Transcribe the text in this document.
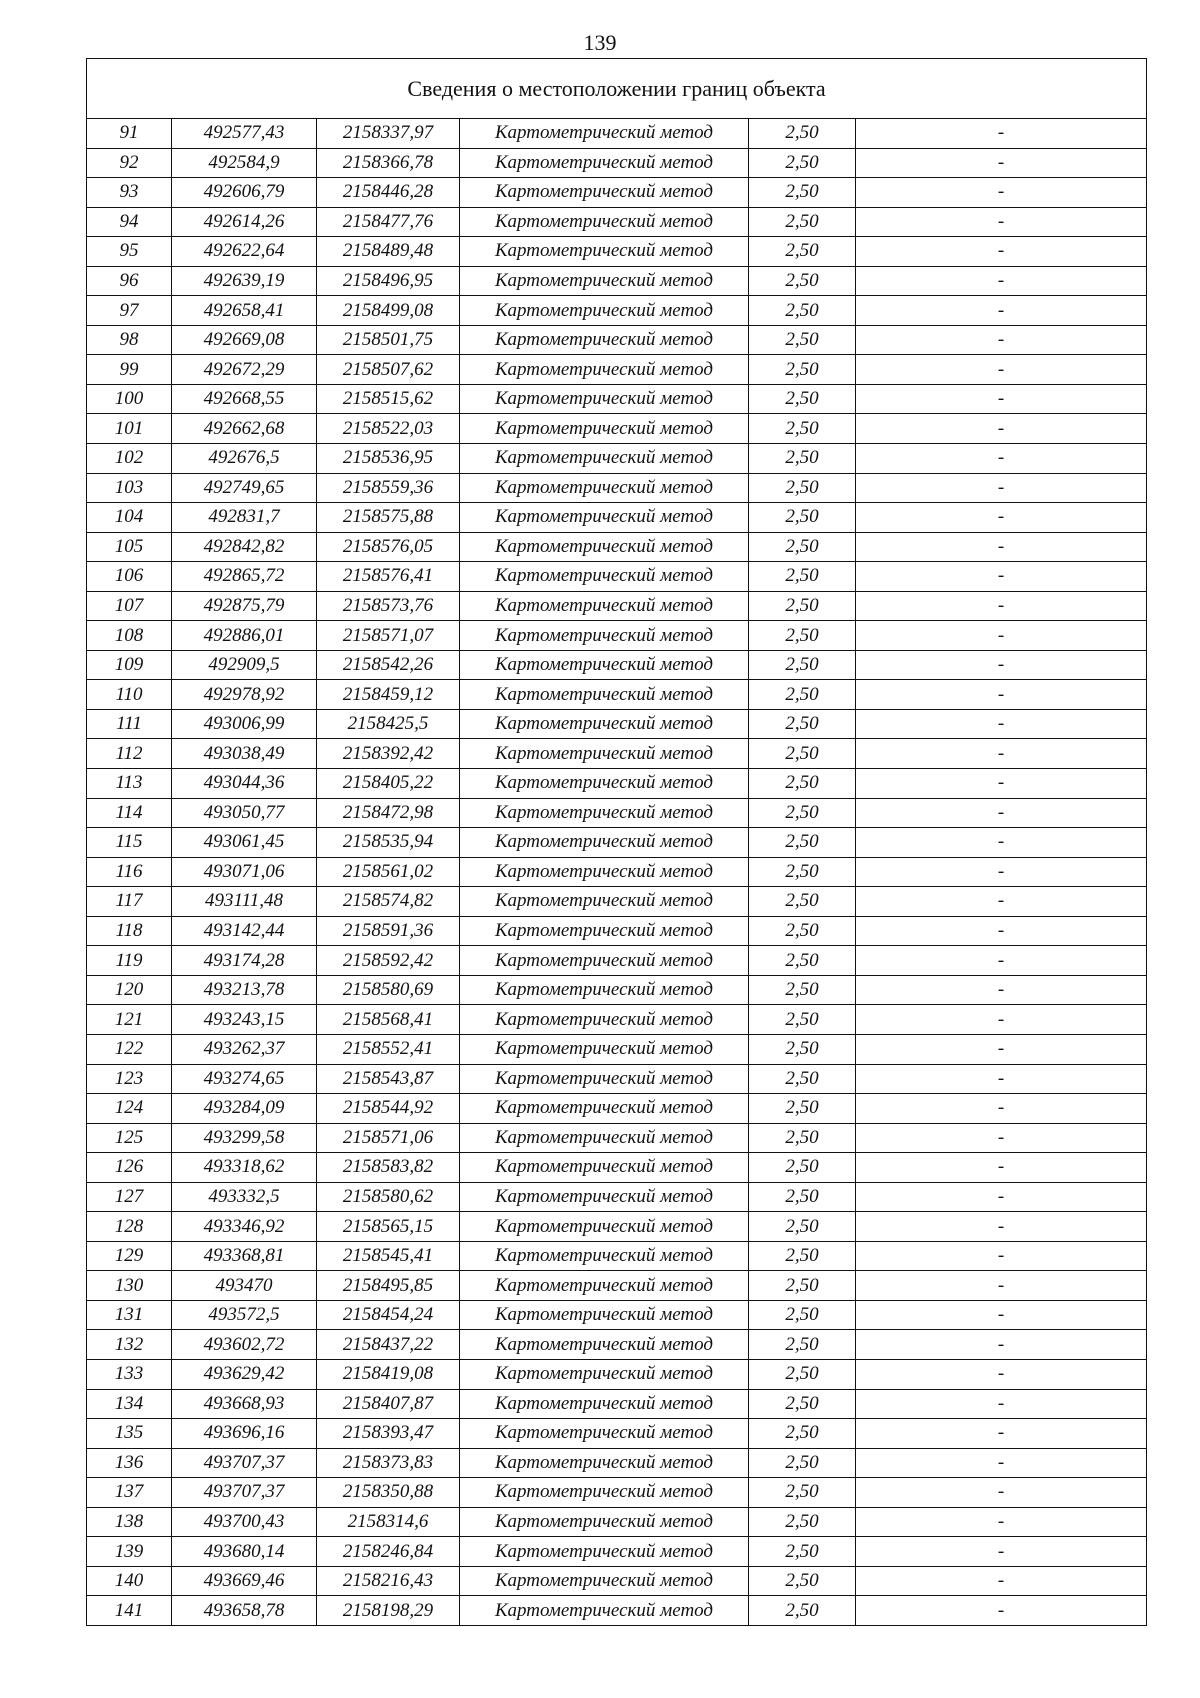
139
Сведения о местоположении границ объекта					
91	492577,43	2158337,97	Картометрический метод	2,50	-
92	492584,9	2158366,78	Картометрический метод	2,50	-
93	492606,79	2158446,28	Картометрический метод	2,50	-
94	492614,26	2158477,76	Картометрический метод	2,50	-
95	492622,64	2158489,48	Картометрический метод	2,50	-
96	492639,19	2158496,95	Картометрический метод	2,50	-
97	492658,41	2158499,08	Картометрический метод	2,50	-
98	492669,08	2158501,75	Картометрический метод	2,50	-
99	492672,29	2158507,62	Картометрический метод	2,50	-
100	492668,55	2158515,62	Картометрический метод	2,50	-
101	492662,68	2158522,03	Картометрический метод	2,50	-
102	492676,5	2158536,95	Картометрический метод	2,50	-
103	492749,65	2158559,36	Картометрический метод	2,50	-
104	492831,7	2158575,88	Картометрический метод	2,50	-
105	492842,82	2158576,05	Картометрический метод	2,50	-
106	492865,72	2158576,41	Картометрический метод	2,50	-
107	492875,79	2158573,76	Картометрический метод	2,50	-
108	492886,01	2158571,07	Картометрический метод	2,50	-
109	492909,5	2158542,26	Картометрический метод	2,50	-
110	492978,92	2158459,12	Картометрический метод	2,50	-
111	493006,99	2158425,5	Картометрический метод	2,50	-
112	493038,49	2158392,42	Картометрический метод	2,50	-
113	493044,36	2158405,22	Картометрический метод	2,50	-
114	493050,77	2158472,98	Картометрический метод	2,50	-
115	493061,45	2158535,94	Картометрический метод	2,50	-
116	493071,06	2158561,02	Картометрический метод	2,50	-
117	493111,48	2158574,82	Картометрический метод	2,50	-
118	493142,44	2158591,36	Картометрический метод	2,50	-
119	493174,28	2158592,42	Картометрический метод	2,50	-
120	493213,78	2158580,69	Картометрический метод	2,50	-
121	493243,15	2158568,41	Картометрический метод	2,50	-
122	493262,37	2158552,41	Картометрический метод	2,50	-
123	493274,65	2158543,87	Картометрический метод	2,50	-
124	493284,09	2158544,92	Картометрический метод	2,50	-
125	493299,58	2158571,06	Картометрический метод	2,50	-
126	493318,62	2158583,82	Картометрический метод	2,50	-
127	493332,5	2158580,62	Картометрический метод	2,50	-
128	493346,92	2158565,15	Картометрический метод	2,50	-
129	493368,81	2158545,41	Картометрический метод	2,50	-
130	493470	2158495,85	Картометрический метод	2,50	-
131	493572,5	2158454,24	Картометрический метод	2,50	-
132	493602,72	2158437,22	Картометрический метод	2,50	-
133	493629,42	2158419,08	Картометрический метод	2,50	-
134	493668,93	2158407,87	Картометрический метод	2,50	-
135	493696,16	2158393,47	Картометрический метод	2,50	-
136	493707,37	2158373,83	Картометрический метод	2,50	-
137	493707,37	2158350,88	Картометрический метод	2,50	-
138	493700,43	2158314,6	Картометрический метод	2,50	-
139	493680,14	2158246,84	Картометрический метод	2,50	-
140	493669,46	2158216,43	Картометрический метод	2,50	-
141	493658,78	2158198,29	Картометрический метод	2,50	-
